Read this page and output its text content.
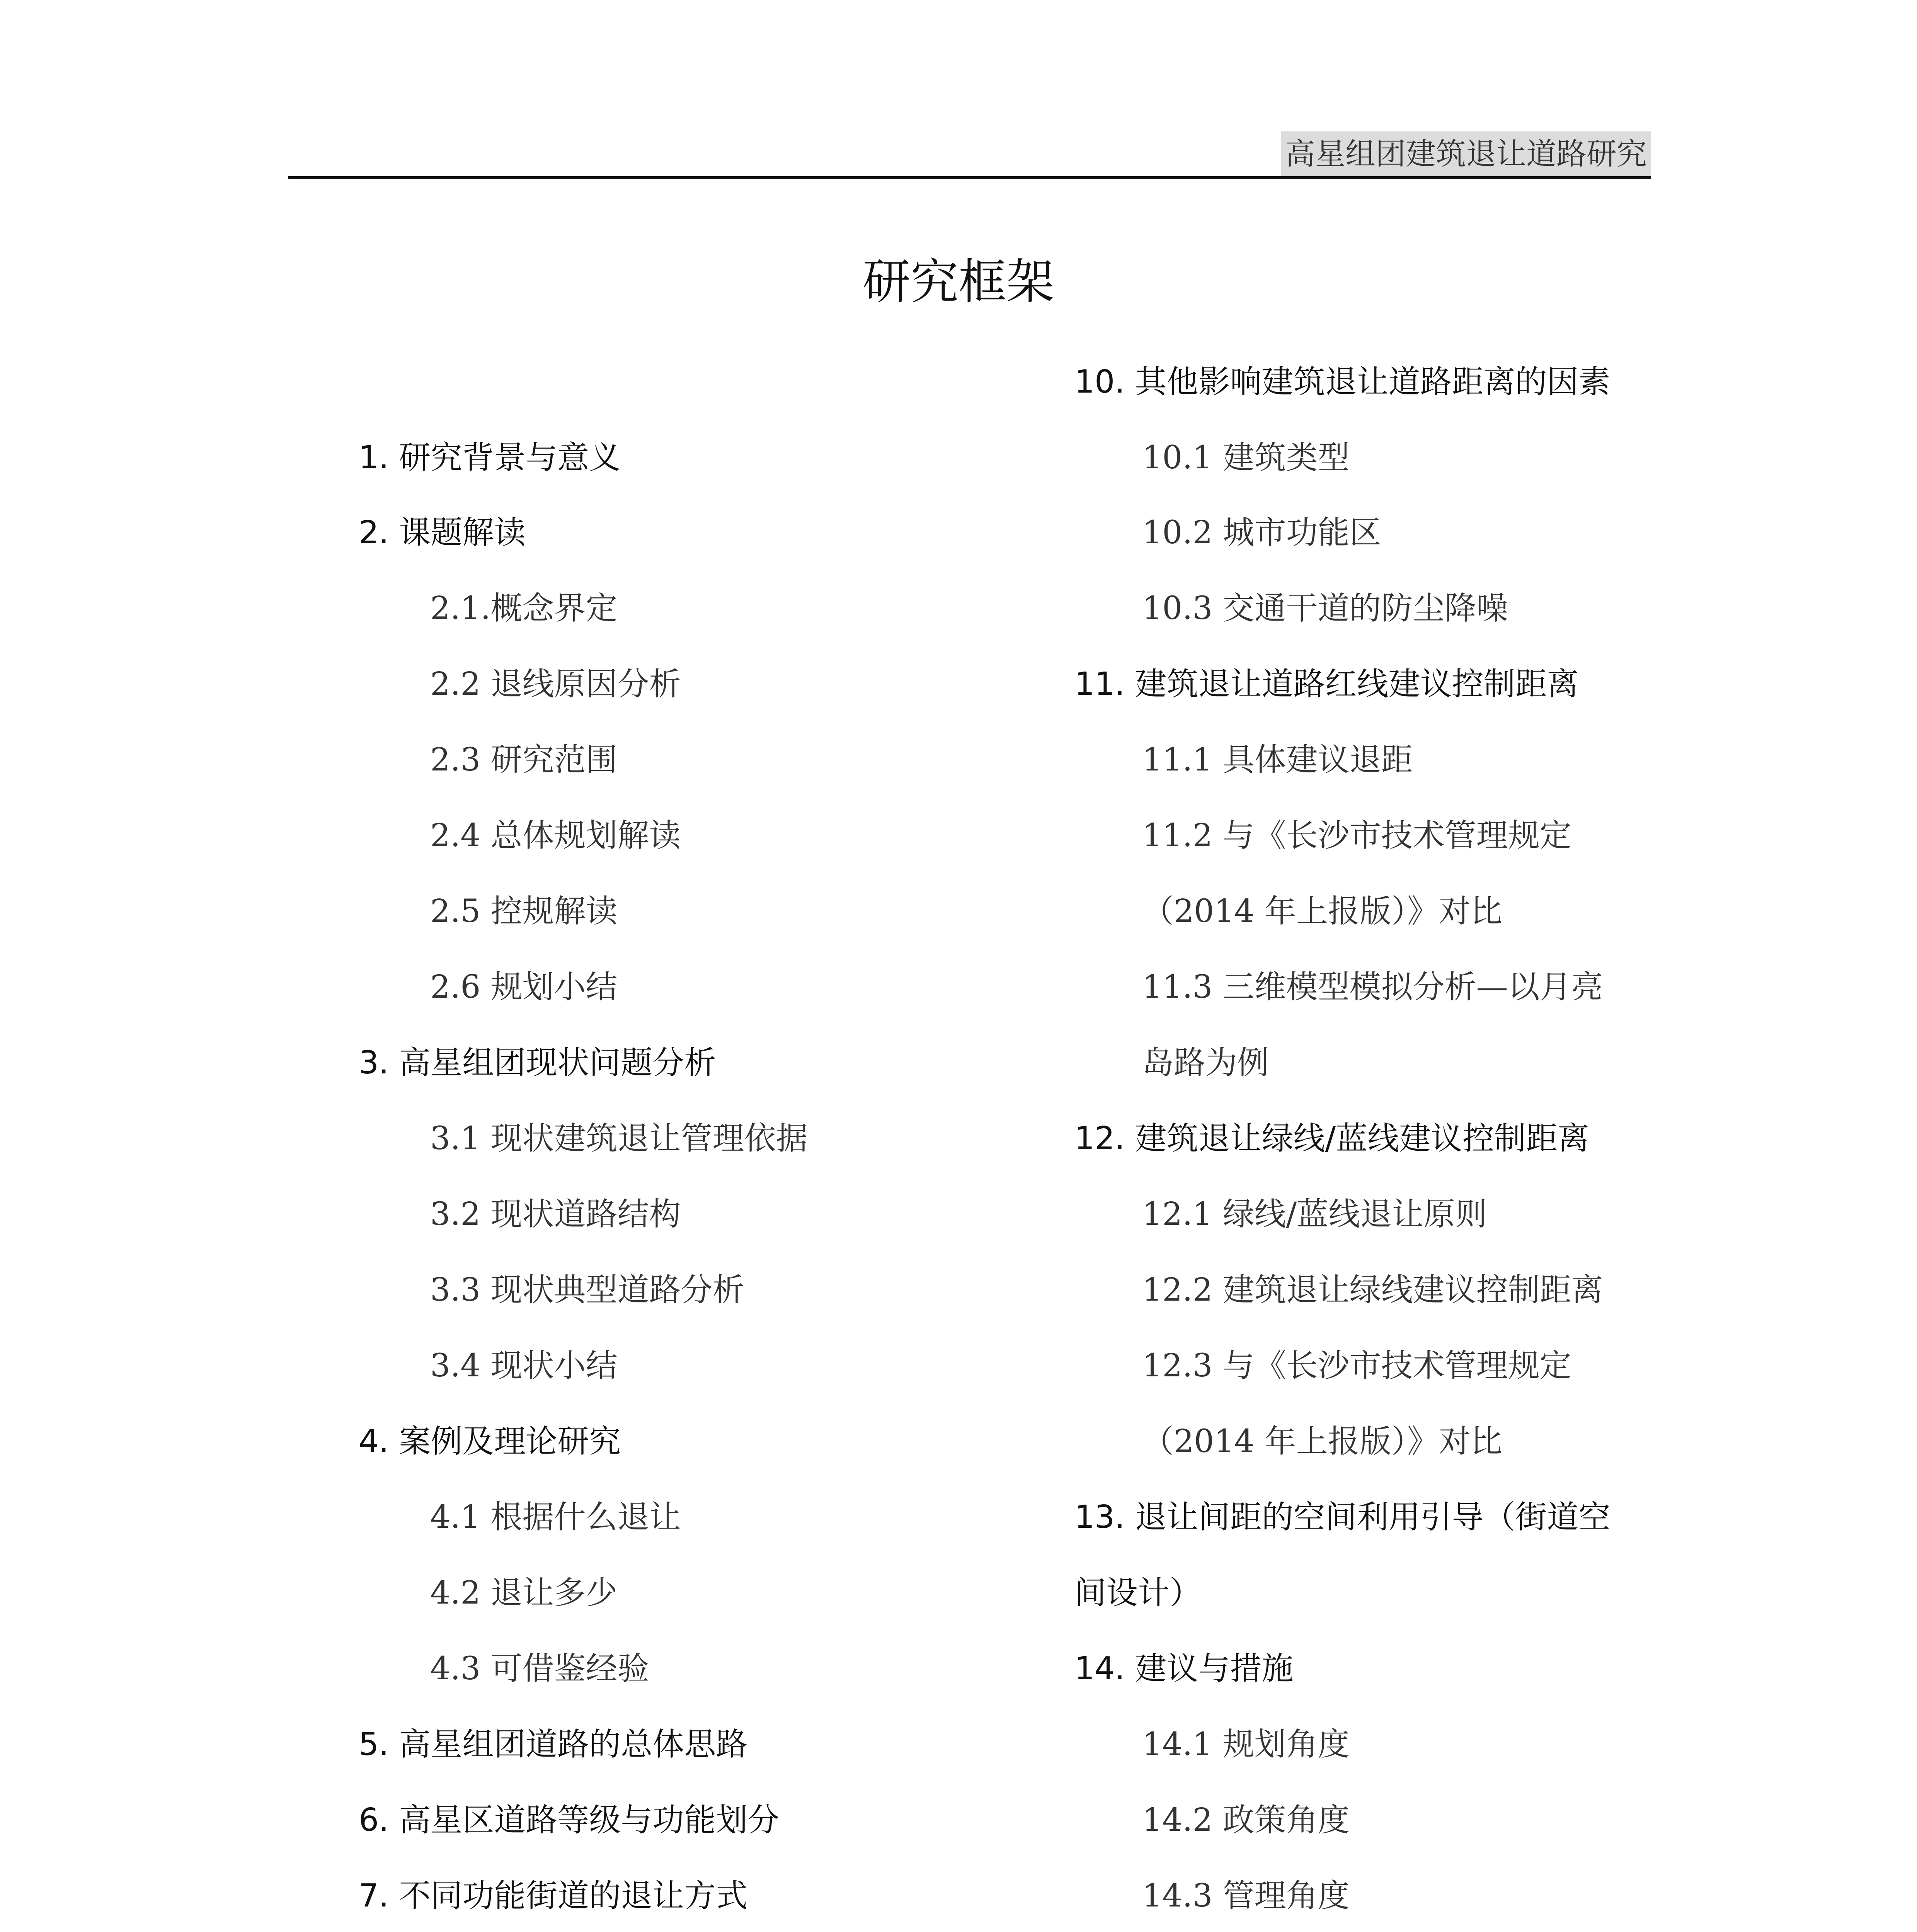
高星组团建筑退让道路研究
研究框架
1. 研究背景与意义
2. 课题解读
2.1.概念界定
2.2 退线原因分析
2.3 研究范围
2.4 总体规划解读
2.5 控规解读
2.6 规划小结
3. 高星组团现状问题分析
3.1 现状建筑退让管理依据
3.2 现状道路结构
3.3 现状典型道路分析
3.4 现状小结
4. 案例及理论研究
4.1 根据什么退让
4.2 退让多少
4.3 可借鉴经验
5. 高星组团道路的总体思路
6. 高星区道路等级与功能划分
7. 不同功能街道的退让方式
10. 其他影响建筑退让道路距离的因素
10.1 建筑类型
10.2 城市功能区
10.3 交通干道的防尘降噪
11. 建筑退让道路红线建议控制距离
11.1 具体建议退距
11.2 与《长沙市技术管理规定
（2014 年上报版）》对比
11.3 三维模型模拟分析—以月亮
岛路为例
12. 建筑退让绿线/蓝线建议控制距离
12.1 绿线/蓝线退让原则
12.2 建筑退让绿线建议控制距离
12.3 与《长沙市技术管理规定
（2014 年上报版）》对比
13. 退让间距的空间利用引导（街道空
间设计）
14. 建议与措施
14.1 规划角度
14.2 政策角度
14.3 管理角度
